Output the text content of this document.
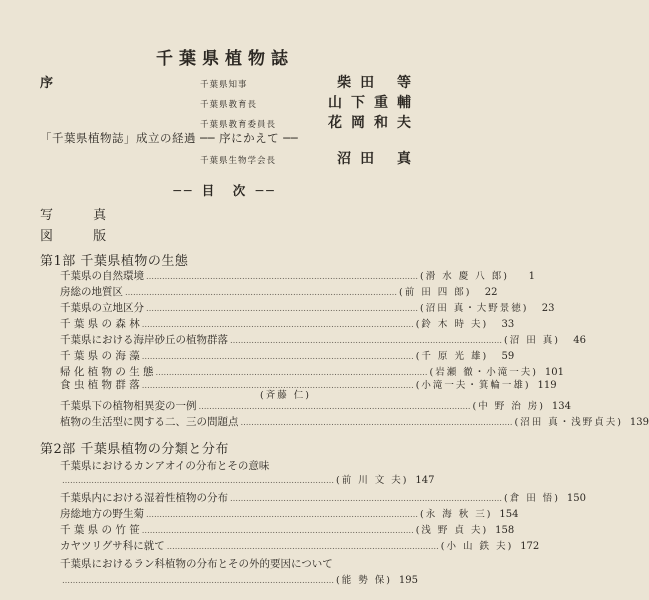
千葉県植物誌
序	千葉県知事	柴田 等
千葉県教育長	山下重輔
千葉県教育委員長	花岡和夫
「千葉県植物誌」成立の経過 ── 序にかえて ──
千葉県生物学会長	沼田 真
── 目　次 ──
写 真
図 版
第1部 千葉県植物の生態
千葉県の自然環境 ………………………………………………………………………………………… (滑 水 慶 八 郎)	1
房総の地質区 ………………………………………………………………………………………… (前 田 四 郎)	22
千葉県の立地区分 ………………………………………………………………………………………… (沼田 真・大野景徳)	23
千 葉 県 の 森 林 ………………………………………………………………………………………… (鈴 木 時 夫)	33
千葉県における海岸砂丘の植物群落 ………………………………………………………………………………………… (沼 田 真)	46
千 葉 県 の 海 藻 ………………………………………………………………………………………… (千 原 光 雄)	59
帰 化 植 物 の 生 態 ………………………………………………………………………………………… (岩瀬 徹・小滝一夫) 101
食 虫 植 物 群 落 ………………………………………………………………………………………… (小滝一夫・箕輪一雄) 119
(斉藤 仁)
千葉県下の植物相異変の一例 ………………………………………………………………………………………… (中 野 治 房) 134
植物の生活型に関する二、三の問題点 ………………………………………………………………………………………… (沼田 真・浅野貞夫) 139
第2部 千葉県植物の分類と分布
千葉県におけるカンアオイの分布とその意味
………………………………………………………………………………………… (前 川 文 夫) 147
千葉県内における湿着性植物の分布 ………………………………………………………………………………………… (倉 田 悟) 150
房総地方の野生菊 ………………………………………………………………………………………… (永 海 秋 三) 154
千 葉 県 の 竹 笹 ………………………………………………………………………………………… (浅 野 貞 夫) 158
カヤツリグサ科に就て ………………………………………………………………………………………… (小 山 鉄 夫) 172
千葉県におけるラン科植物の分布とその外的要因について
………………………………………………………………………………………… (能 勢 保) 195
